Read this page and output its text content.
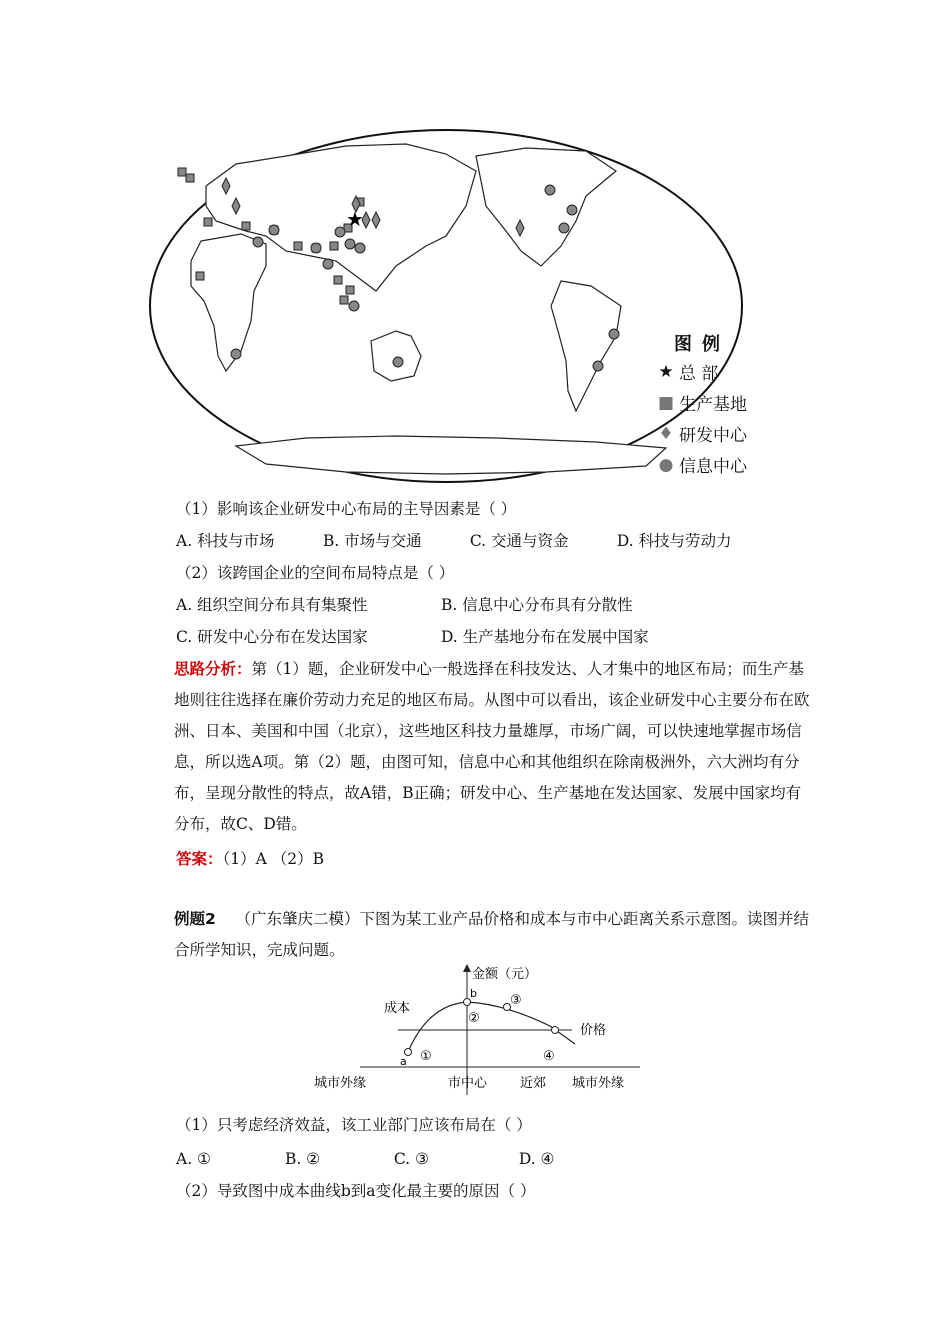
★
图例
★ 总 部
■ 生产基地
♦ 研发中心
● 信息中心
（1）影响该企业研发中心布局的主导因素是（ ）
A. 科技与市场	B. 市场与交通	C. 交通与资金	D. 科技与劳动力
（2）该跨国企业的空间布局特点是（ ）
A. 组织空间分布具有集聚性	B. 信息中心分布具有分散性
C. 研发中心分布在发达国家	D. 生产基地分布在发展中国家
思路分析：第（1）题，企业研发中心一般选择在科技发达、人才集中的地区布局；而生产基地则往往选择在廉价劳动力充足的地区布局。从图中可以看出，该企业研发中心主要分布在欧洲、日本、美国和中国（北京），这些地区科技力量雄厚，市场广阔，可以快速地掌握市场信息，所以选A项。第（2）题，由图可知，信息中心和其他组织在除南极洲外，六大洲均有分布，呈现分散性的特点，故A错，B正确；研发中心、生产基地在发达国家、发展中国家均有分布，故C、D错。
答案：（1）A （2）B
例题2 （广东肇庆二模）下图为某工业产品价格和成本与市中心距离关系示意图。读图并结合所学知识，完成问题。
a
b
①
②
③
④
金额（元）
成本
价格
城市外缘	市中心	近郊 城市外缘
（1）只考虑经济效益，该工业部门应该布局在（ ）
A. ①	B. ②	C. ③	D. ④
（2）导致图中成本曲线b到a变化最主要的原因（ ）
